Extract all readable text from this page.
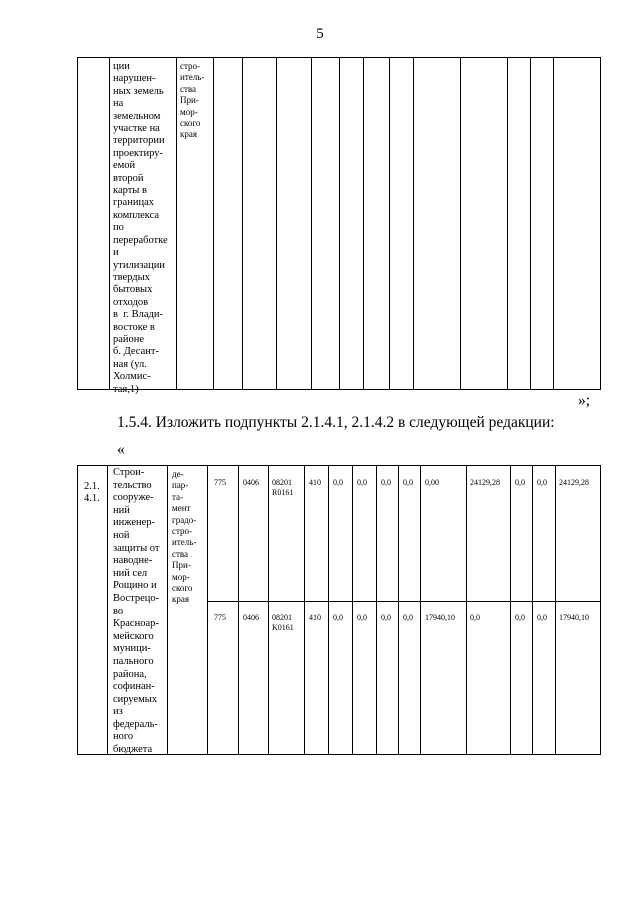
5
ции
нарушен-
ных земель
на
земельном
участке на
территории
проектиру-
емой
второй
карты в
границах
комплекса
по
переработке
и
утилизации
твердых
бытовых
отходов
в  г. Влади-
востоке в
районе
б. Десант-
ная (ул.
Холмис-
тая,1)
стро-
итель-
ства
При-
мор-
ского
края
»;
1.5.4. Изложить подпункты 2.1.4.1, 2.1.4.2 в следующей редакции:
«
2.1.
4.1.
Строи-
тельство
сооруже-
ний
инженер-
ной
защиты от
наводне-
ний сел
Рощино и
Вострецо-
во
Красноар-
мейского
муници-
пального
района,
софинан-
сируемых
из
федераль-
ного
бюджета
де-
пар-
та-
мент
градо-
стро-
итель-
ства
При-
мор-
ского
края
775 0406 08201
R0161
410 0,0 0,0 0,0 0,0 0,00	24129,28 0,0 0,0 24129,28
775 0406 08201
K0161
410 0,0 0,0 0,0 0,0 17940,10 0,0	0,0 0,0 17940,10
